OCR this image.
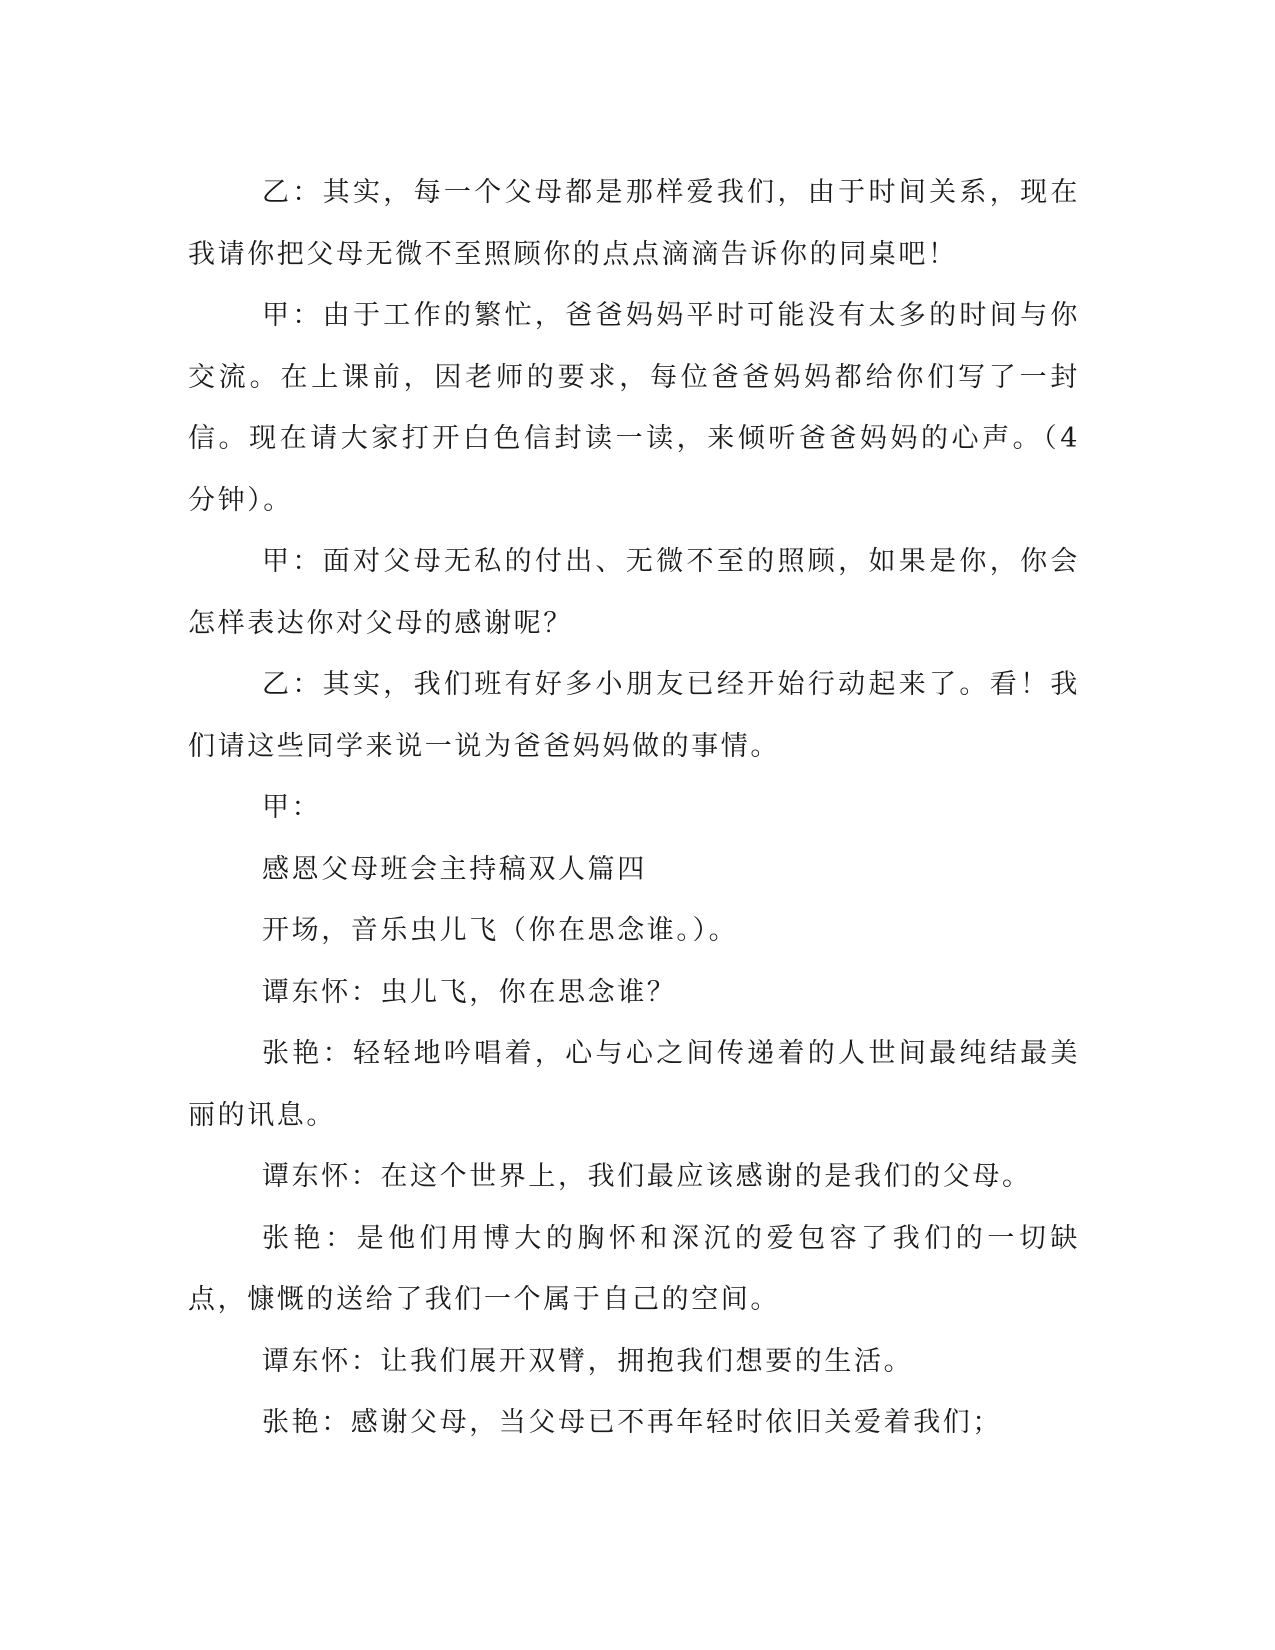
乙：其实，每一个父母都是那样爱我们，由于时间关系，现在我请你把父母无微不至照顾你的点点滴滴告诉你的同桌吧！

甲：由于工作的繁忙，爸爸妈妈平时可能没有太多的时间与你交流。在上课前，因老师的要求，每位爸爸妈妈都给你们写了一封信。现在请大家打开白色信封读一读，来倾听爸爸妈妈的心声。（4分钟）。

甲：面对父母无私的付出、无微不至的照顾，如果是你，你会怎样表达你对父母的感谢呢？

乙：其实，我们班有好多小朋友已经开始行动起来了。看！我们请这些同学来说一说为爸爸妈妈做的事情。

甲：

感恩父母班会主持稿双人篇四

开场，音乐虫儿飞（你在思念谁。）。

谭东怀：虫儿飞，你在思念谁？

张艳：轻轻地吟唱着，心与心之间传递着的人世间最纯结最美丽的讯息。

谭东怀：在这个世界上，我们最应该感谢的是我们的父母。

张艳：是他们用博大的胸怀和深沉的爱包容了我们的一切缺点，慷慨的送给了我们一个属于自己的空间。

谭东怀：让我们展开双臂，拥抱我们想要的生活。

张艳：感谢父母，当父母已不再年轻时依旧关爱着我们；
